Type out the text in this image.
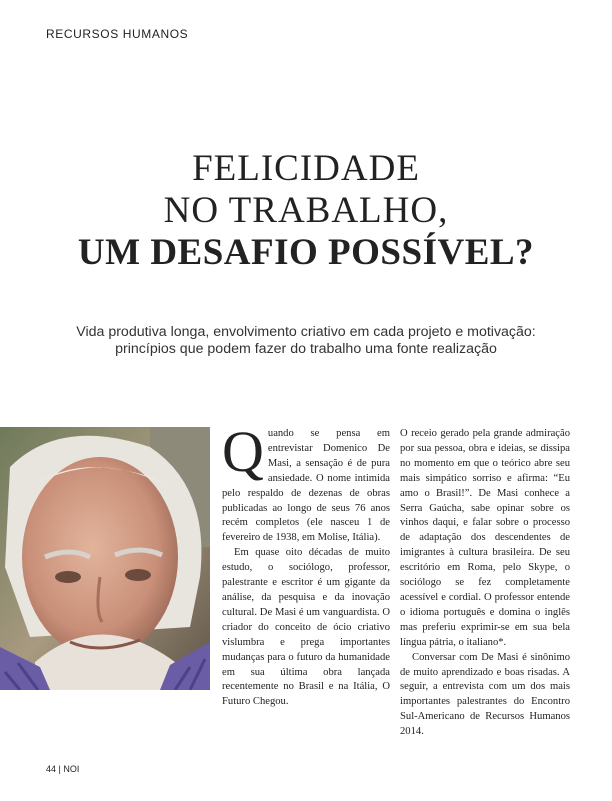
RECURSOS HUMANOS
FELICIDADE
NO TRABALHO,
UM DESAFIO POSSÍVEL?
Vida produtiva longa, envolvimento criativo em cada projeto e motivação:
princípios que podem fazer do trabalho uma fonte realização

Quando se pensa em entrevistar Domenico De Masi, a sensação é de pura ansiedade. O nome intimida pelo respaldo de dezenas de obras publicadas ao longo de seus 76 anos recém completos (ele nasceu 1 de fevereiro de 1938, em Molise, Itália).

Em quase oito décadas de muito estudo, o sociólogo, professor, palestrante e escritor é um gigante da análise, da pesquisa e da inovação cultural. De Masi é um vanguardista. O criador do conceito de ócio criativo vislumbra e prega importantes mudanças para o futuro da humanidade em sua última obra lançada recentemente no Brasil e na Itália, O Futuro Chegou.

O receio gerado pela grande admiração por sua pessoa, obra e ideias, se dissipa no momento em que o teórico abre seu mais simpático sorriso e afirma: “Eu amo o Brasil!”. De Masi conhece a Serra Gaúcha, sabe opinar sobre os vinhos daqui, e falar sobre o processo de adaptação dos descendentes de imigrantes à cultura brasileira. De seu escritório em Roma, pelo Skype, o sociólogo se fez completamente acessível e cordial. O professor entende o idioma português e domina o inglês mas preferiu exprimir-se em sua bela língua pátria, o italiano*.

Conversar com De Masi é sinônimo de muito aprendizado e boas risadas. A seguir, a entrevista com um dos mais importantes palestrantes do Encontro Sul-Americano de Recursos Humanos 2014.

44 | NOI
